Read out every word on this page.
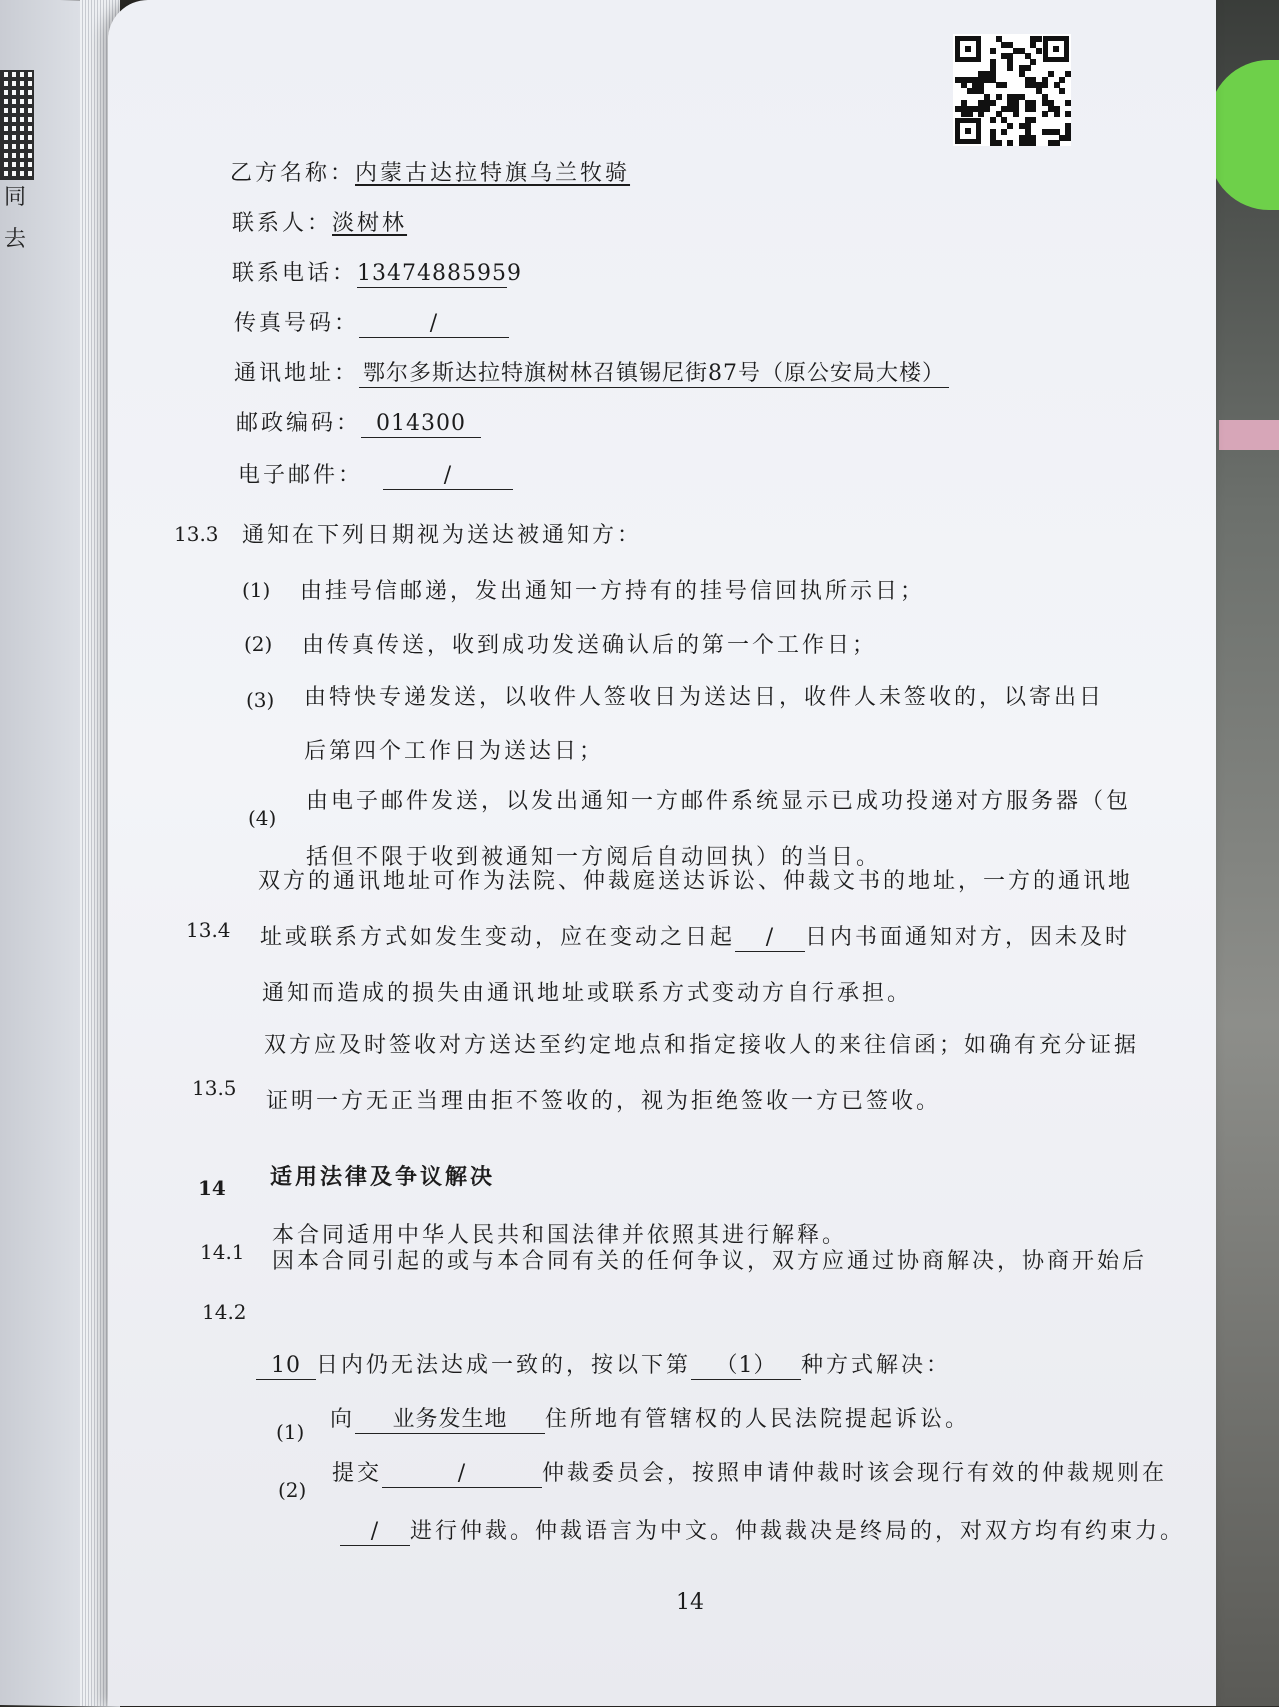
同
去
乙方名称：内蒙古达拉特旗乌兰牧骑
联系人：淡树林
联系电话：13474885959
传真号码：	/
通讯地址： 鄂尔多斯达拉特旗树林召镇锡尼街87号（原公安局大楼）
邮政编码： 014300
电子邮件：	/
13.3 通知在下列日期视为送达被通知方：
(1) 由挂号信邮递，发出通知一方持有的挂号信回执所示日；
(2) 由传真传送，收到成功发送确认后的第一个工作日；
(3) 由特快专递发送，以收件人签收日为送达日，收件人未签收的，以寄出日
后第四个工作日为送达日；
(4)
由电子邮件发送，以发出通知一方邮件系统显示已成功投递对方服务器（包
括但不限于收到被通知一方阅后自动回执）的当日。
13.4
双方的通讯地址可作为法院、仲裁庭送达诉讼、仲裁文书的地址，一方的通讯地
址或联系方式如发生变动，应在变动之日起 / 日内书面通知对方，因未及时
通知而造成的损失由通讯地址或联系方式变动方自行承担。
13.5
双方应及时签收对方送达至约定地点和指定接收人的来往信函；如确有充分证据
证明一方无正当理由拒不签收的，视为拒绝签收一方已签收。
14 适用法律及争议解决
14.1
本合同适用中华人民共和国法律并依照其进行解释。
14.2
因本合同引起的或与本合同有关的任何争议，双方应通过协商解决，协商开始后
10 日内仍无法达成一致的，按以下第 （1） 种方式解决：
(1) 向 业务发生地 住所地有管辖权的人民法院提起诉讼。
(2)
提交	/	仲裁委员会，按照申请仲裁时该会现行有效的仲裁规则在
/ 进行仲裁。仲裁语言为中文。仲裁裁决是终局的，对双方均有约束力。
14
